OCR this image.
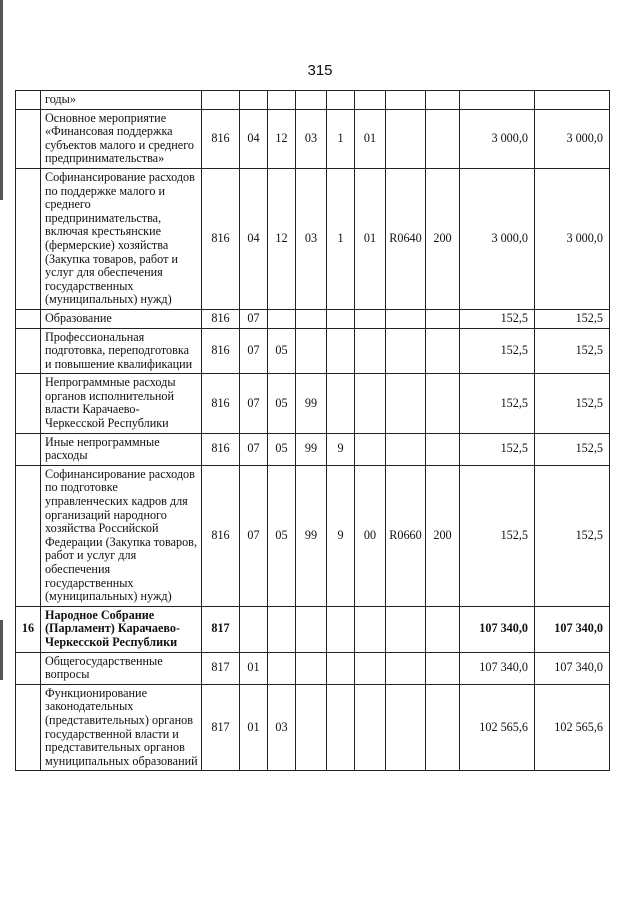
315
	годы»										
	Основное мероприятие «Финансовая поддержка субъектов малого и среднего предпринимательства»	816	04	12	03	1	01			3 000,0	3 000,0
	Софинансирование расходов по поддержке малого и среднего предпринимательства, включая крестьянские (фермерские) хозяйства (Закупка товаров, работ и услуг для обеспечения государственных (муниципальных) нужд)	816	04	12	03	1	01	R0640	200	3 000,0	3 000,0
	Образование	816	07							152,5	152,5
	Профессиональная подготовка, переподготовка и повышение квалификации	816	07	05						152,5	152,5
	Непрограммные расходы органов исполнительной власти Карачаево-Черкесской Республики	816	07	05	99					152,5	152,5
	Иные непрограммные расходы	816	07	05	99	9				152,5	152,5
	Софинансирование расходов по подготовке управленческих кадров для организаций народного хозяйства Российской Федерации (Закупка товаров, работ и услуг для обеспечения государственных (муниципальных) нужд)	816	07	05	99	9	00	R0660	200	152,5	152,5
16	Народное Собрание (Парламент) Карачаево-Черкесской Республики	817								107 340,0	107 340,0
	Общегосударственные вопросы	817	01							107 340,0	107 340,0
	Функционирование законодательных (представительных) органов государственной власти и представительных органов муниципальных образований	817	01	03						102 565,6	102 565,6
